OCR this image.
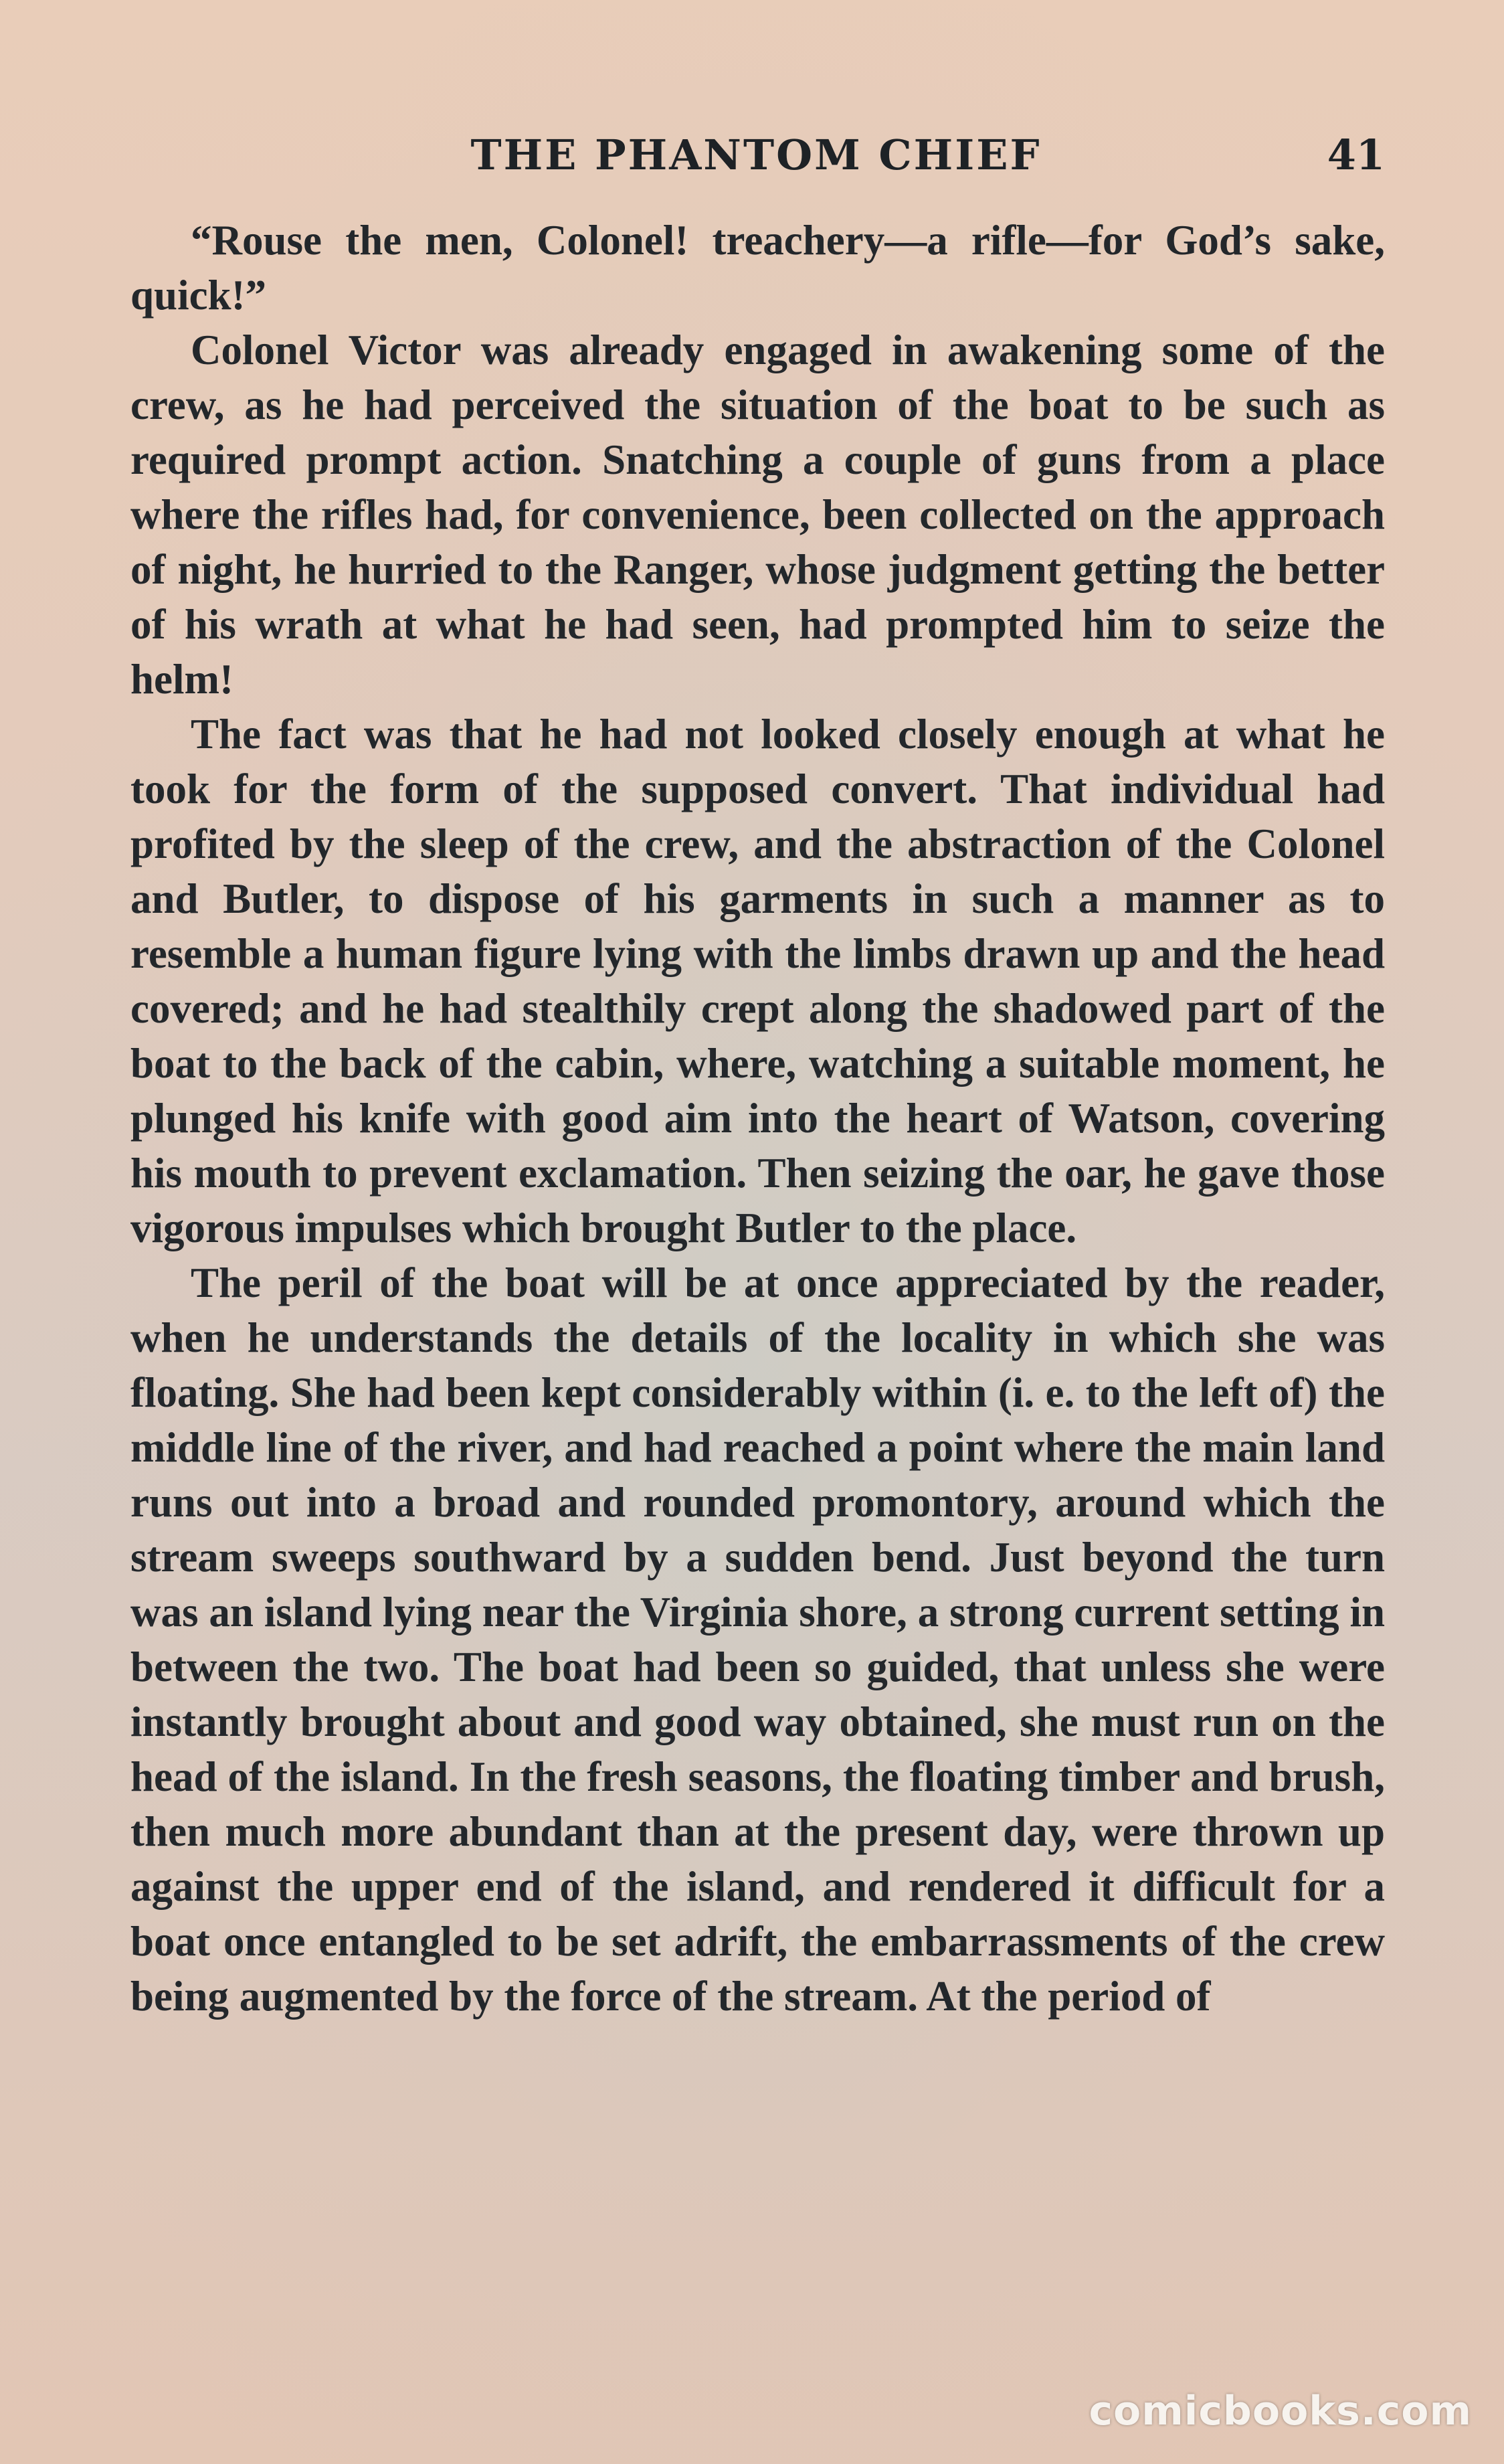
THE PHANTOM CHIEF	41

“Rouse the men, Colonel! treachery—a rifle—for God’s sake, quick!”

Colonel Victor was already engaged in awakening some of the crew, as he had perceived the situation of the boat to be such as required prompt action. Snatching a couple of guns from a place where the rifles had, for convenience, been collected on the approach of night, he hurried to the Ranger, whose judgment getting the better of his wrath at what he had seen, had prompted him to seize the helm!

The fact was that he had not looked closely enough at what he took for the form of the supposed convert. That individual had profited by the sleep of the crew, and the abstraction of the Colonel and Butler, to dispose of his garments in such a manner as to resemble a human figure lying with the limbs drawn up and the head covered; and he had stealthily crept along the shadowed part of the boat to the back of the cabin, where, watching a suitable moment, he plunged his knife with good aim into the heart of Watson, covering his mouth to prevent exclamation. Then seizing the oar, he gave those vigorous impulses which brought Butler to the place.

The peril of the boat will be at once appreciated by the reader, when he understands the details of the locality in which she was floating. She had been kept considerably within (i. e. to the left of) the middle line of the river, and had reached a point where the main land runs out into a broad and rounded promontory, around which the stream sweeps southward by a sudden bend. Just beyond the turn was an island lying near the Virginia shore, a strong current setting in between the two. The boat had been so guided, that unless she were instantly brought about and good way obtained, she must run on the head of the island. In the fresh seasons, the floating timber and brush, then much more abundant than at the present day, were thrown up against the upper end of the island, and rendered it difficult for a boat once entangled to be set adrift, the embarrassments of the crew being augmented by the force of the stream. At the period of

comicbooks.com
